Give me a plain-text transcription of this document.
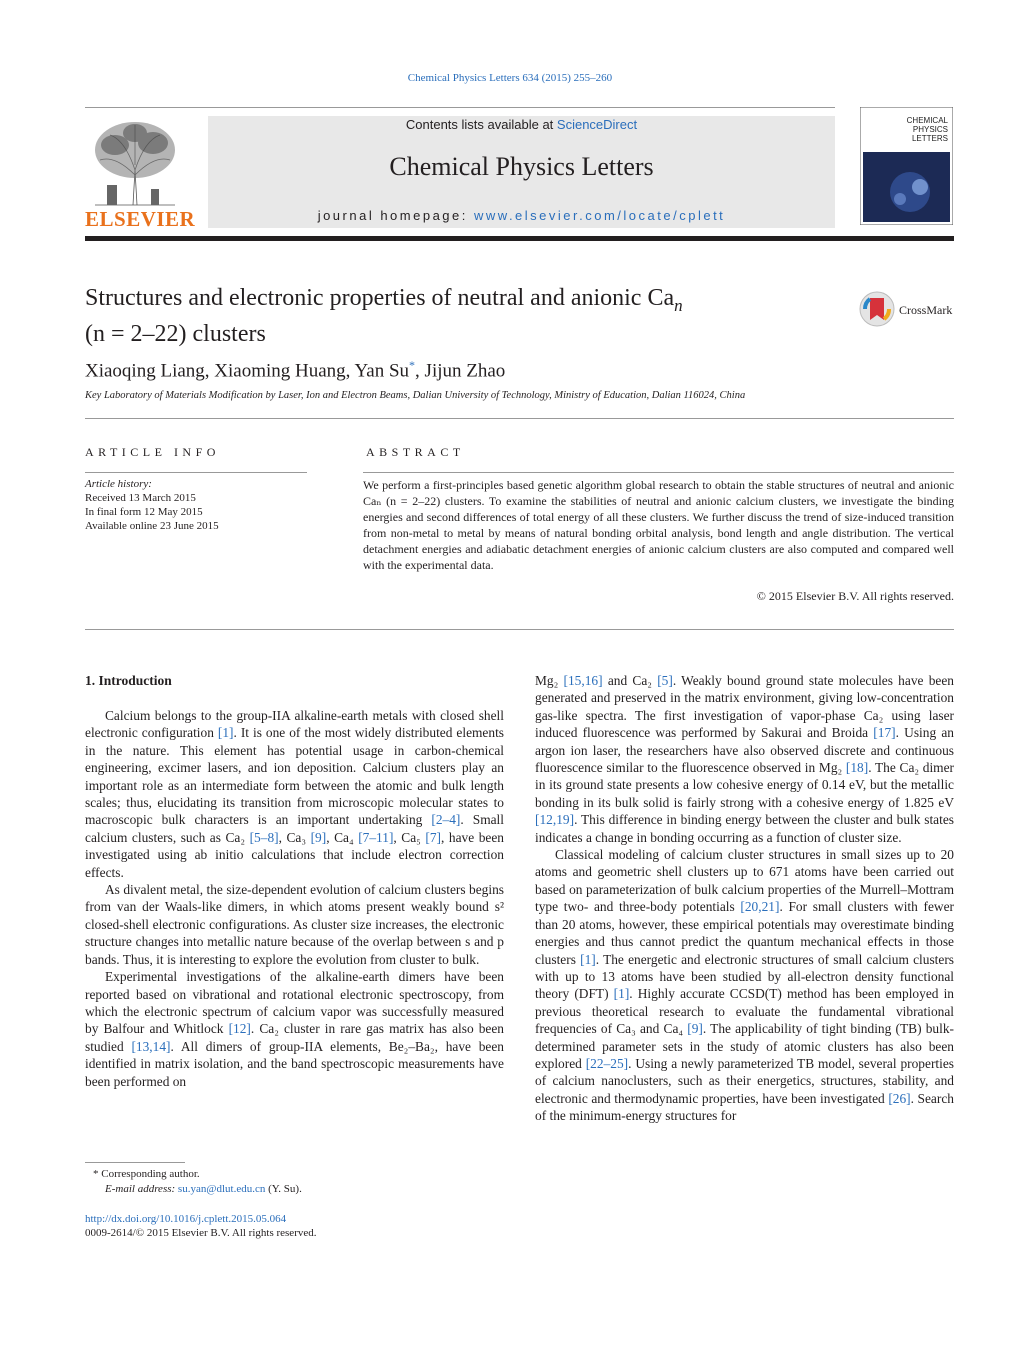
Chemical Physics Letters 634 (2015) 255–260
ELSEVIER
Contents lists available at ScienceDirect
Chemical Physics Letters
journal homepage: www.elsevier.com/locate/cplett
CHEMICAL
PHYSICS
LETTERS
Structures and electronic properties of neutral and anionic $Ca_n$
(n = 2–22) clusters
CrossMark
Xiaoqing Liang, Xiaoming Huang, Yan Su*, Jijun Zhao
Key Laboratory of Materials Modification by Laser, Ion and Electron Beams, Dalian University of Technology, Ministry of Education, Dalian 116024, China
ARTICLE INFO	ABSTRACT
Article history:
Received 13 March 2015
In final form 12 May 2015
Available online 23 June 2015
We perform a first-principles based genetic algorithm global research to obtain the stable structures of neutral and anionic Caₙ (n = 2–22) clusters. To examine the stabilities of neutral and anionic calcium clusters, we investigate the binding energies and second differences of total energy of all these clusters. We further discuss the trend of size-induced transition from non-metal to metal by means of natural bonding orbital analysis, bond length and angle distribution. The vertical detachment energies and adiabatic detachment energies of anionic calcium clusters are also computed and compared well with the experimental data.
© 2015 Elsevier B.V. All rights reserved.
1. Introduction

Calcium belongs to the group-IIA alkaline-earth metals with closed shell electronic configuration [1]. It is one of the most widely distributed elements in the nature. This element has potential usage in carbon-chemical engineering, excimer lasers, and ion deposition. Calcium clusters play an important role as an intermediate form between the atomic and bulk length scales; thus, elucidating its transition from microscopic molecular states to macroscopic bulk characters is an important undertaking [2–4]. Small calcium clusters, such as Ca₂ [5–8], Ca₃ [9], Ca₄ [7–11], Ca₅ [7], have been investigated using ab initio calculations that include electron correction effects.

As divalent metal, the size-dependent evolution of calcium clusters begins from van der Waals-like dimers, in which atoms present weakly bound s² closed-shell electronic configurations. As cluster size increases, the electronic structure changes into metallic nature because of the overlap between s and p bands. Thus, it is interesting to explore the evolution from cluster to bulk.

Experimental investigations of the alkaline-earth dimers have been reported based on vibrational and rotational electronic spectroscopy, from which the electronic spectrum of calcium vapor was successfully measured by Balfour and Whitlock [12]. Ca₂ cluster in rare gas matrix has also been studied [13,14]. All dimers of group-IIA elements, Be₂–Ba₂, have been identified in matrix isolation, and the band spectroscopic measurements have been performed on

Mg₂ [15,16] and Ca₂ [5]. Weakly bound ground state molecules have been generated and preserved in the matrix environment, giving low-concentration gas-like spectra. The first investigation of vapor-phase Ca₂ using laser induced fluorescence was performed by Sakurai and Broida [17]. Using an argon ion laser, the researchers have also observed discrete and continuous fluorescence similar to the fluorescence observed in Mg₂ [18]. The Ca₂ dimer in its ground state presents a low cohesive energy of 0.14 eV, but the metallic bonding in its bulk solid is fairly strong with a cohesive energy of 1.825 eV [12,19]. This difference in binding energy between the cluster and bulk states indicates a change in bonding occurring as a function of cluster size.

Classical modeling of calcium cluster structures in small sizes up to 20 atoms and geometric shell clusters up to 671 atoms have been carried out based on parameterization of bulk calcium properties of the Murrell–Mottram type two- and three-body potentials [20,21]. For small clusters with fewer than 20 atoms, however, these empirical potentials may overestimate binding energies and thus cannot predict the quantum mechanical effects in those clusters [1]. The energetic and electronic structures of small calcium clusters with up to 13 atoms have been studied by all-electron density functional theory (DFT) [1]. Highly accurate CCSD(T) method has been employed in previous theoretical research to evaluate the fundamental vibrational frequencies of Ca₃ and Ca₄ [9]. The applicability of tight binding (TB) bulk-determined parameter sets in the study of atomic clusters has also been explored [22–25]. Using a newly parameterized TB model, several properties of calcium nanoclusters, such as their energetics, structures, stability, and electronic and thermodynamic properties, have been investigated [26]. Search of the minimum-energy structures for

* Corresponding author.
E-mail address: su.yan@dlut.edu.cn (Y. Su).
http://dx.doi.org/10.1016/j.cplett.2015.05.064
0009-2614/© 2015 Elsevier B.V. All rights reserved.
